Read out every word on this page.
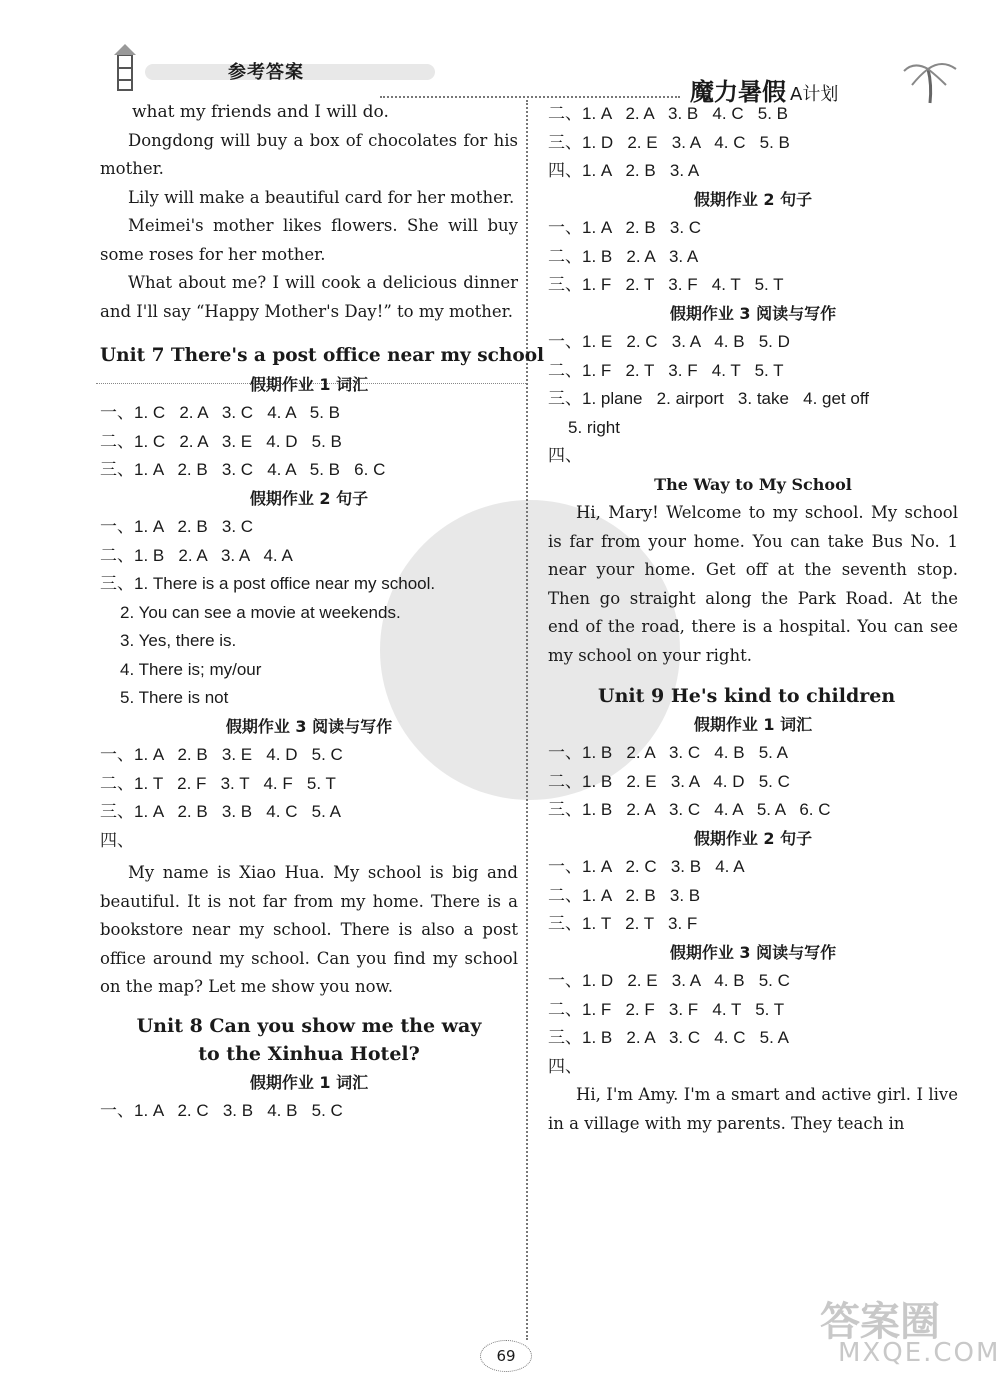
参考答案
魔力暑假 A计划

what my friends and I will do.

Dongdong will buy a box of chocolates for his mother.

Lily will make a beautiful card for her mother.

Meimei's mother likes flowers. She will buy some roses for her mother.

What about me? I will cook a delicious dinner and I'll say “Happy Mother's Day!” to my mother.

Unit 7 There's a post office near my school

假期作业 1 词汇

一、1. C   2. A   3. C   4. A   5. B

二、1. C   2. A   3. E   4. D   5. B

三、1. A   2. B   3. C   4. A   5. B   6. C

假期作业 2 句子

一、1. A   2. B   3. C

二、1. B   2. A   3. A   4. A

三、1. There is a post office near my school.

2. You can see a movie at weekends.

3. Yes, there is.

4. There is; my/our

5. There is not

假期作业 3 阅读与写作

一、1. A   2. B   3. E   4. D   5. C

二、1. T   2. F   3. T   4. F   5. T

三、1. A   2. B   3. B   4. C   5. A

四、

My name is Xiao Hua. My school is big and beautiful. It is not far from my home. There is a bookstore near my school. There is also a post office around my school. Can you find my school on the map? Let me show you now.

Unit 8 Can you show me the way

to the Xinhua Hotel?

假期作业 1 词汇

一、1. A   2. C   3. B   4. B   5. C

二、1. A   2. A   3. B   4. C   5. B

三、1. D   2. E   3. A   4. C   5. B

四、1. A   2. B   3. A

假期作业 2 句子

一、1. A   2. B   3. C

二、1. B   2. A   3. A

三、1. F   2. T   3. F   4. T   5. T

假期作业 3 阅读与写作

一、1. E   2. C   3. A   4. B   5. D

二、1. F   2. T   3. F   4. T   5. T

三、1. plane   2. airport   3. take   4. get off

5. right

四、

The Way to My School

Hi, Mary! Welcome to my school. My school is far from your home. You can take Bus No. 1 near your home. Get off at the seventh stop. Then go straight along the Park Road. At the end of the road, there is a hospital. You can see my school on your right.

Unit 9 He's kind to children

假期作业 1 词汇

一、1. B   2. A   3. C   4. B   5. A

二、1. B   2. E   3. A   4. D   5. C

三、1. B   2. A   3. C   4. A   5. A   6. C

假期作业 2 句子

一、1. A   2. C   3. B   4. A

二、1. A   2. B   3. B

三、1. T   2. T   3. F

假期作业 3 阅读与写作

一、1. D   2. E   3. A   4. B   5. C

二、1. F   2. F   3. F   4. T   5. T

三、1. B   2. A   3. C   4. C   5. A

四、

Hi, I'm Amy. I'm a smart and active girl. I live in a village with my parents. They teach in

69
答案圈
MXQE.COM
